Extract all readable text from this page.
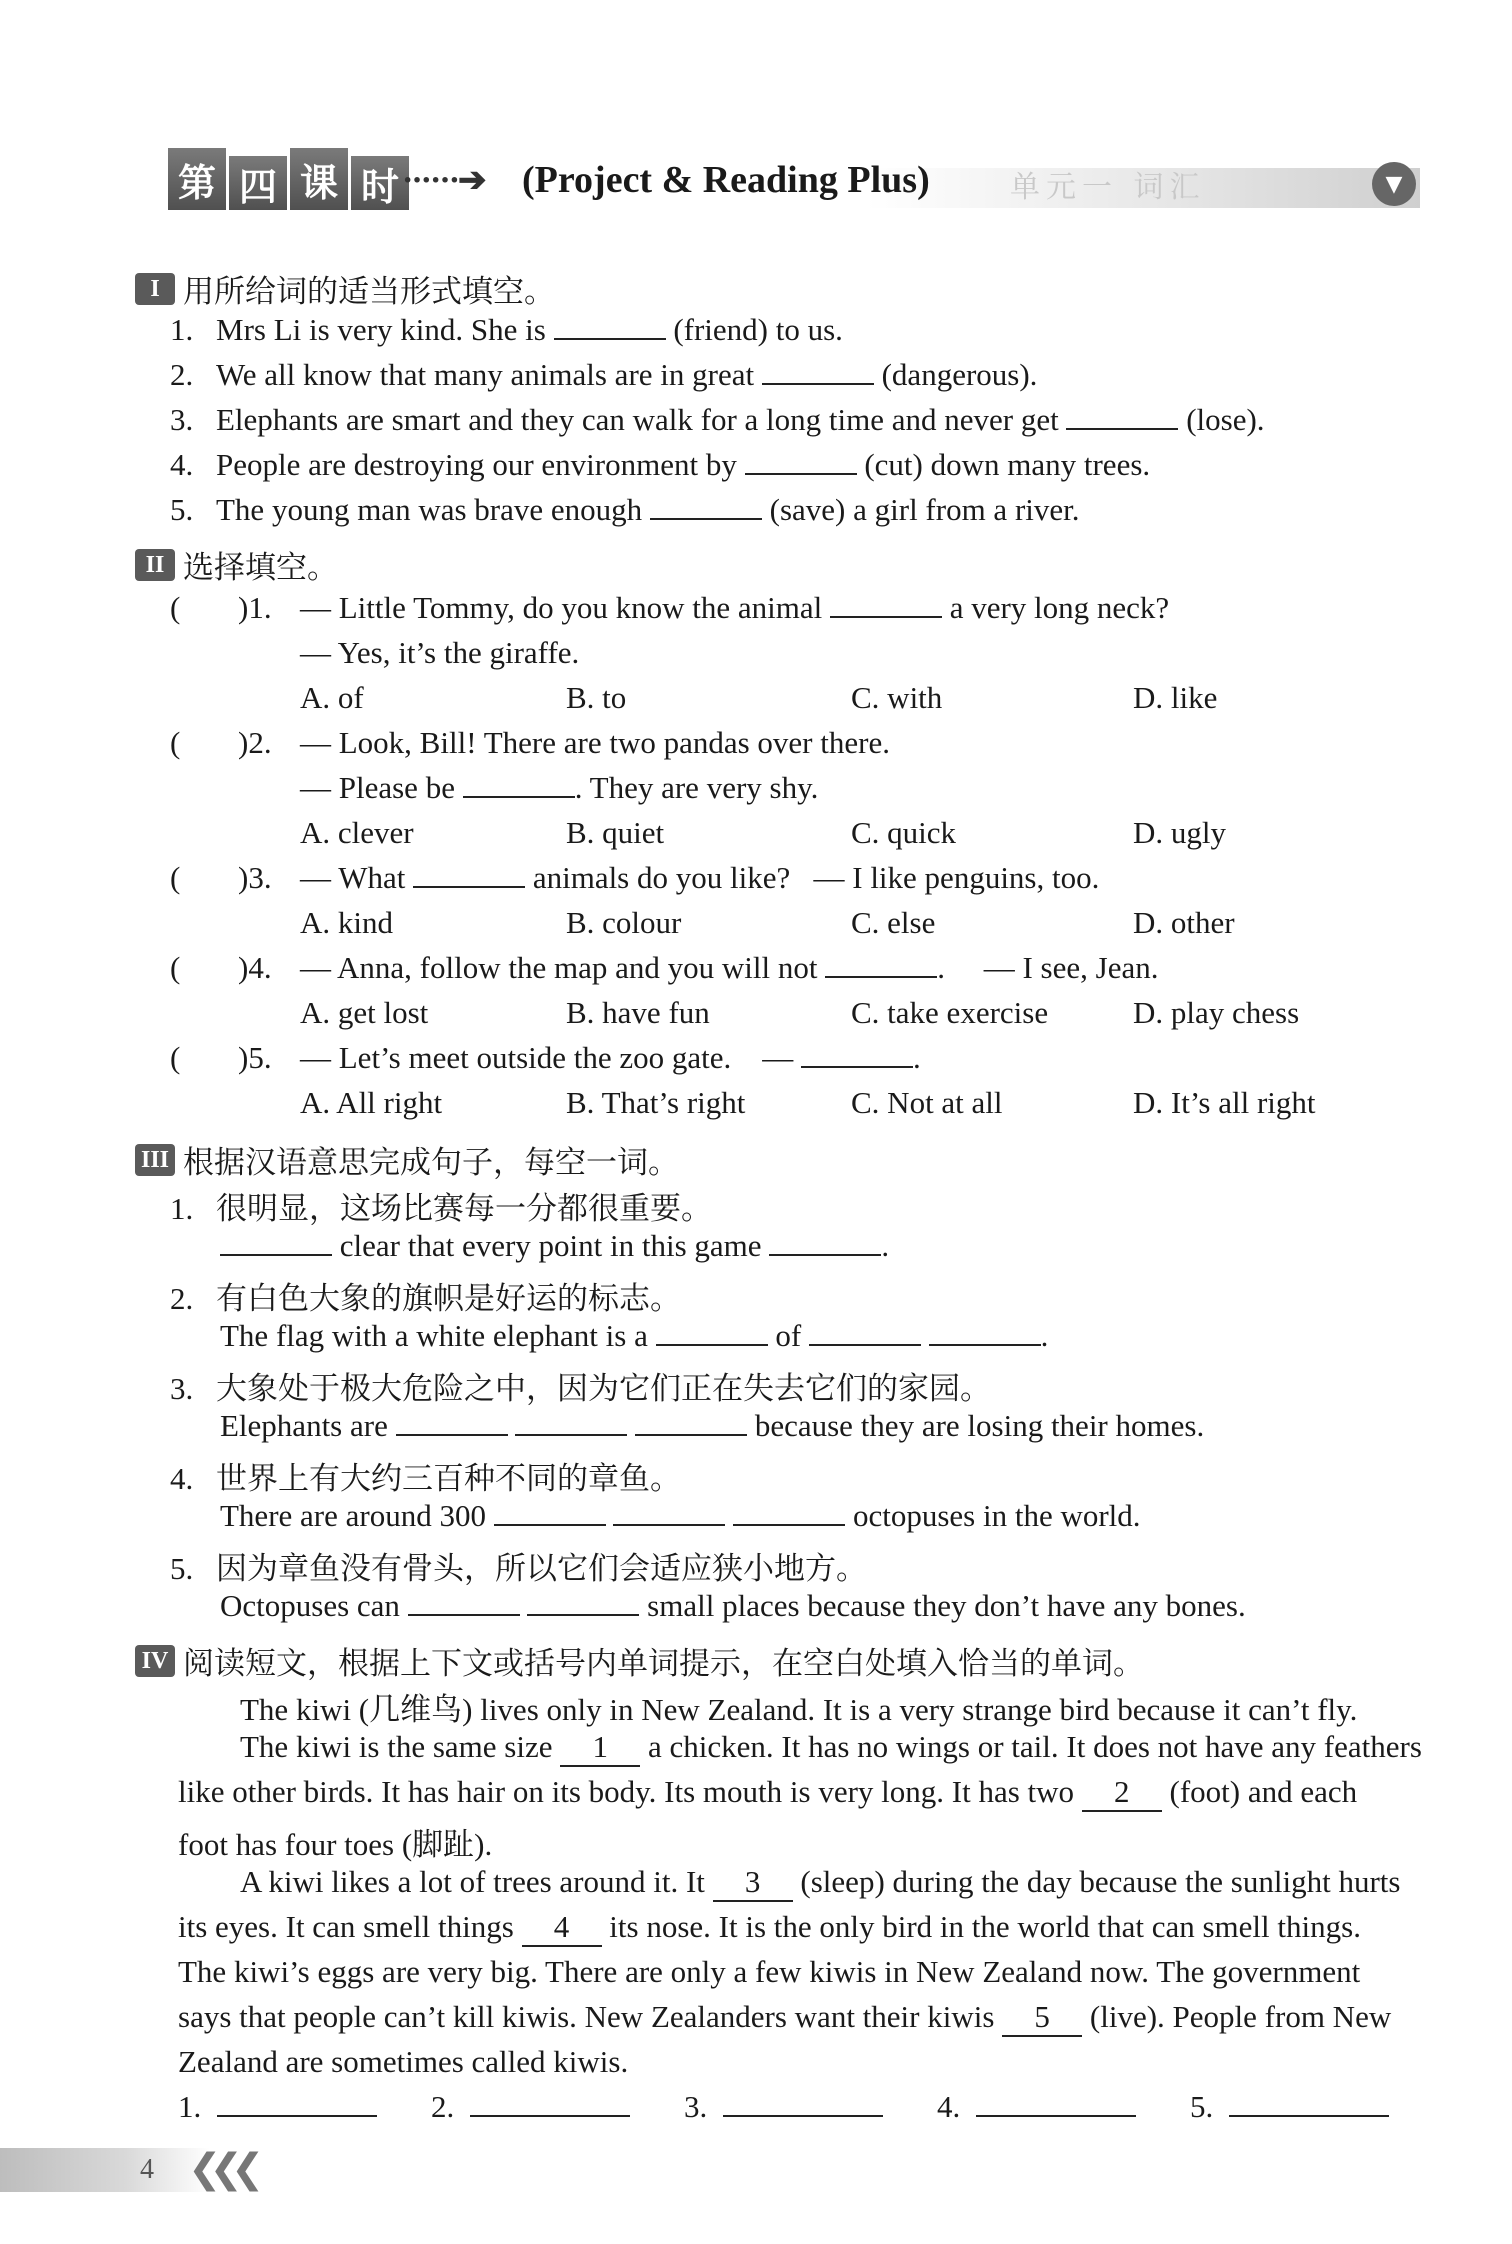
第 四 课 时 ······➔ (Project & Reading Plus)	单元一 词汇	▼
I 用所给词的适当形式填空。
1. Mrs Li is very kind. She is	(friend) to us.
2. We all know that many animals are in great	(dangerous).
3. Elephants are smart and they can walk for a long time and never get	(lose).
4. People are destroying our environment by	(cut) down many trees.
5. The young man was brave enough	(save) a girl from a river.
II 选择填空。
( )1. — Little Tommy, do you know the animal	a very long neck?
— Yes, it’s the giraffe.
A. of	B. to	C. with	D. like
( )2. — Look, Bill! There are two pandas over there.
— Please be	. They are very shy.
A. clever	B. quiet	C. quick	D. ugly
( )3. — What	animals do you like? — I like penguins, too.
A. kind	B. colour	C. else	D. other
( )4. — Anna, follow the map and you will not	. — I see, Jean.
A. get lost	B. have fun	C. take exercise	D. play chess
( )5. — Let’s meet outside the zoo gate. —	.
A. All right	B. That’s right	C. Not at all	D. It’s all right
III 根据汉语意思完成句子，每空一词。
1. 很明显，这场比赛每一分都很重要。
clear that every point in this game	.
2. 有白色大象的旗帜是好运的标志。
The flag with a white elephant is a	of	.
3. 大象处于极大危险之中，因为它们正在失去它们的家园。
Elephants are	because they are losing their homes.
4. 世界上有大约三百种不同的章鱼。
There are around 300	octopuses in the world.
5. 因为章鱼没有骨头，所以它们会适应狭小地方。
Octopuses can	small places because they don’t have any bones.
IV 阅读短文，根据上下文或括号内单词提示，在空白处填入恰当的单词。
The kiwi (几维鸟) lives only in New Zealand. It is a very strange bird because it can’t fly.
The kiwi is the same size 1 a chicken. It has no wings or tail. It does not have any feathers
like other birds. It has hair on its body. Its mouth is very long. It has two 2 (foot) and each
foot has four toes (脚趾).
A kiwi likes a lot of trees around it. It 3 (sleep) during the day because the sunlight hurts
its eyes. It can smell things 4 its nose. It is the only bird in the world that can smell things.
The kiwi’s eggs are very big. There are only a few kiwis in New Zealand now. The government
says that people can’t kill kiwis. New Zealanders want their kiwis 5 (live). People from New
Zealand are sometimes called kiwis.
1.	2.	3.	4.	5.
4 ❮❮❮
